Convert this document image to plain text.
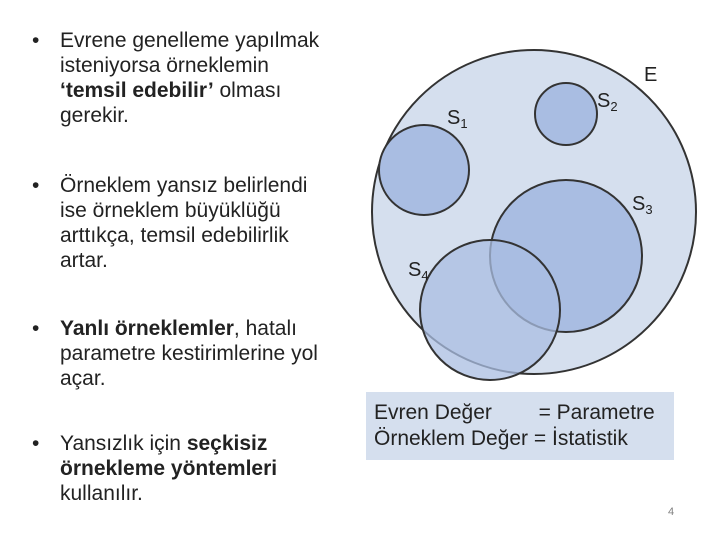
• Evrene genelleme yapılmak isteniyorsa örneklemin ‘temsil edebilir’ olması gerekir.

• Örneklem yansız belirlendi ise örneklem büyüklüğü arttıkça, temsil edebilirlik artar.

• Yanlı örneklemler, hatalı parametre kestirimlerine yol açar.

• Yansızlık için seçkisiz örnekleme yöntemleri kullanılır.

E
$S_1$
$S_2$
$S_3$
$S_4$
Evren Değer        = Parametre
Örneklem Değer = İstatistik
4
